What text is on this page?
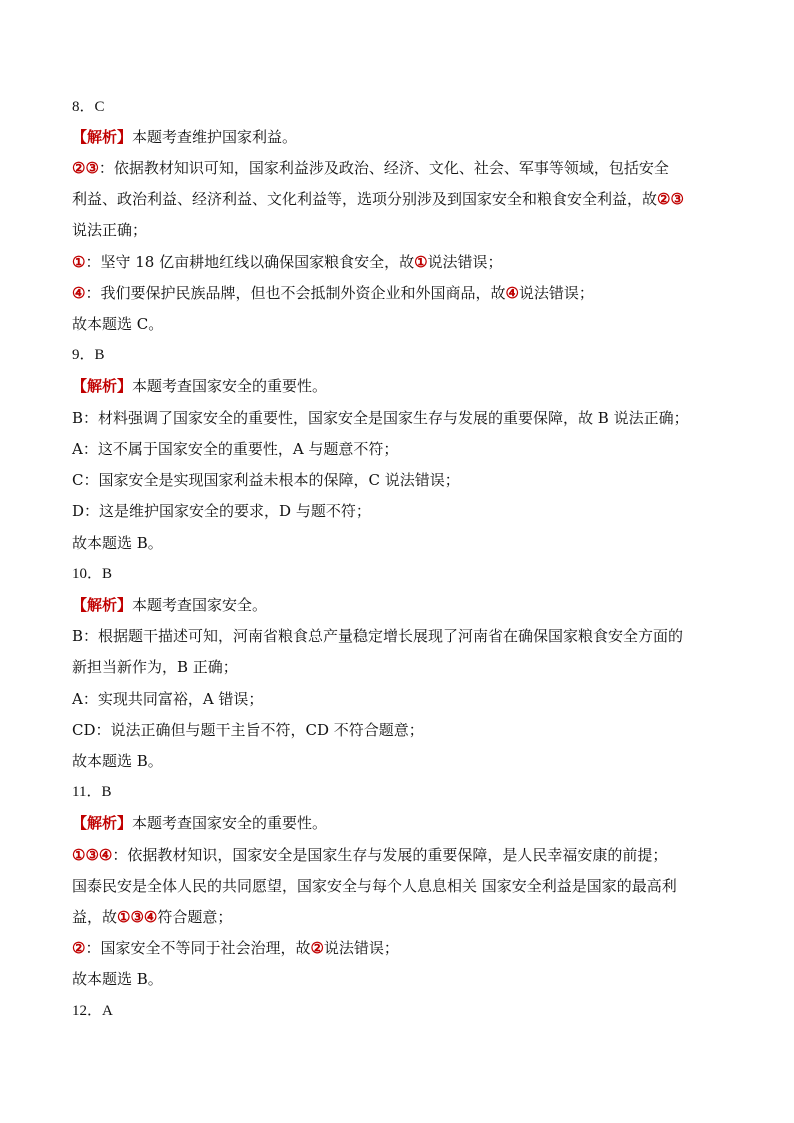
8．C
【解析】本题考查维护国家利益。
②③：依据教材知识可知，国家利益涉及政治、经济、文化、社会、军事等领域，包括安全
利益、政治利益、经济利益、文化利益等，选项分别涉及到国家安全和粮食安全利益，故②③
说法正确；
①：坚守 18 亿亩耕地红线以确保国家粮食安全，故①说法错误；
④：我们要保护民族品牌，但也不会抵制外资企业和外国商品，故④说法错误；
故本题选 C。
9．B
【解析】本题考查国家安全的重要性。
B：材料强调了国家安全的重要性，国家安全是国家生存与发展的重要保障，故 B 说法正确；
A：这不属于国家安全的重要性，A 与题意不符；
C：国家安全是实现国家利益未根本的保障，C 说法错误；
D：这是维护国家安全的要求，D 与题不符；
故本题选 B。
10．B
【解析】本题考查国家安全。
B：根据题干描述可知，河南省粮食总产量稳定增长展现了河南省在确保国家粮食安全方面的
新担当新作为，B 正确；
A：实现共同富裕，A 错误；
CD：说法正确但与题干主旨不符，CD 不符合题意；
故本题选 B。
11．B
【解析】本题考查国家安全的重要性。
①③④：依据教材知识，国家安全是国家生存与发展的重要保障，是人民幸福安康的前提；
国泰民安是全体人民的共同愿望，国家安全与每个人息息相关 国家安全利益是国家的最高利
益，故①③④符合题意；
②：国家安全不等同于社会治理，故②说法错误；
故本题选 B。
12．A
